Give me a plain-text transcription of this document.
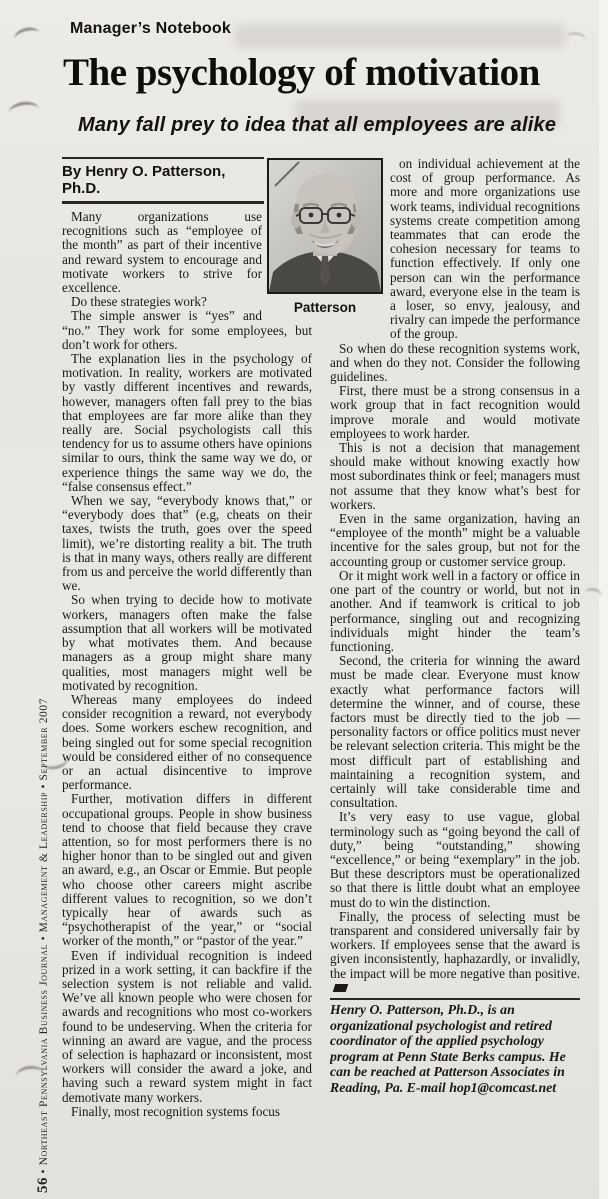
56 • Northeast Pennsylvania Business Journal • Management & Leadership • September 2007
Manager’s Notebook
The psychology of motivation
Many fall prey to idea that all employees are alike
By Henry O. Patterson, Ph.D.

Many organizations use recognitions such as “employee of the month” as part of their incentive and reward system to encourage and motivate workers to strive for excellence.

Do these strategies work?

The simple answer is “yes” and “no.” They work for some employees, but don’t work for others.

The explanation lies in the psychology of motivation. In reality, workers are motivated by vastly different incentives and rewards, however, managers often fall prey to the bias that employees are far more alike than they really are. Social psychologists call this tendency for us to assume others have opinions similar to ours, think the same way we do, or experience things the same way we do, the “false consensus effect.”

When we say, “everybody knows that,” or “everybody does that” (e.g, cheats on their taxes, twists the truth, goes over the speed limit), we’re distorting reality a bit. The truth is that in many ways, others really are different from us and perceive the world differently than we.

So when trying to decide how to motivate workers, managers often make the false assumption that all workers will be motivated by what motivates them. And because managers as a group might share many qualities, most managers might well be motivated by recognition.

Whereas many employees do indeed consider recognition a reward, not everybody does. Some workers eschew recognition, and being singled out for some special recognition would be considered either of no consequence or an actual disincentive to improve performance.

Further, motivation differs in different occupational groups. People in show business tend to choose that field because they crave attention, so for most performers there is no higher honor than to be singled out and given an award, e.g., an Oscar or Emmie. But people who choose other careers might ascribe different values to recognition, so we don’t typically hear of awards such as “psychotherapist of the year,” or “social worker of the month,” or “pastor of the year.”

Even if individual recognition is indeed prized in a work setting, it can backfire if the selection system is not reliable and valid. We’ve all known people who were chosen for awards and recognitions who most co-workers found to be undeserving. When the criteria for winning an award are vague, and the process of selection is haphazard or inconsistent, most workers will consider the award a joke, and having such a reward system might in fact demotivate many workers.

Finally, most recognition systems focus

on individual achievement at the cost of group performance. As more and more organizations use work teams, individual recognitions systems create competition among teammates that can erode the cohesion necessary for teams to function effectively. If only one person can win the performance award, everyone else in the team is a loser, so envy, jealousy, and rivalry can impede the performance of the group.

So when do these recognition systems work, and when do they not. Consider the following guidelines.

First, there must be a strong consensus in a work group that in fact recognition would improve morale and would motivate employees to work harder.

This is not a decision that management should make without knowing exactly how most subordinates think or feel; managers must not assume that they know what’s best for workers.

Even in the same organization, having an “employee of the month” might be a valuable incentive for the sales group, but not for the accounting group or customer service group.

Or it might work well in a factory or office in one part of the country or world, but not in another. And if teamwork is critical to job performance, singling out and recognizing individuals might hinder the team’s functioning.

Second, the criteria for winning the award must be made clear. Everyone must know exactly what performance factors will determine the winner, and of course, these factors must be directly tied to the job — personality factors or office politics must never be relevant selection criteria. This might be the most difficult part of establishing and maintaining a recognition system, and certainly will take considerable time and consultation.

It’s very easy to use vague, global terminology such as “going beyond the call of duty,” being “outstanding,” showing “excellence,” or being “exemplary” in the job. But these descriptors must be operationalized so that there is little doubt what an employee must do to win the distinction.

Finally, the process of selecting must be transparent and considered universally fair by workers. If employees sense that the award is given inconsistently, haphazardly, or invalidly, the impact will be more negative than positive.

Henry O. Patterson, Ph.D., is an organizational psychologist and retired coordinator of the applied psychology program at Penn State Berks campus. He can be reached at Patterson Associates in Reading, Pa. E-mail hop1@comcast.net
Patterson
